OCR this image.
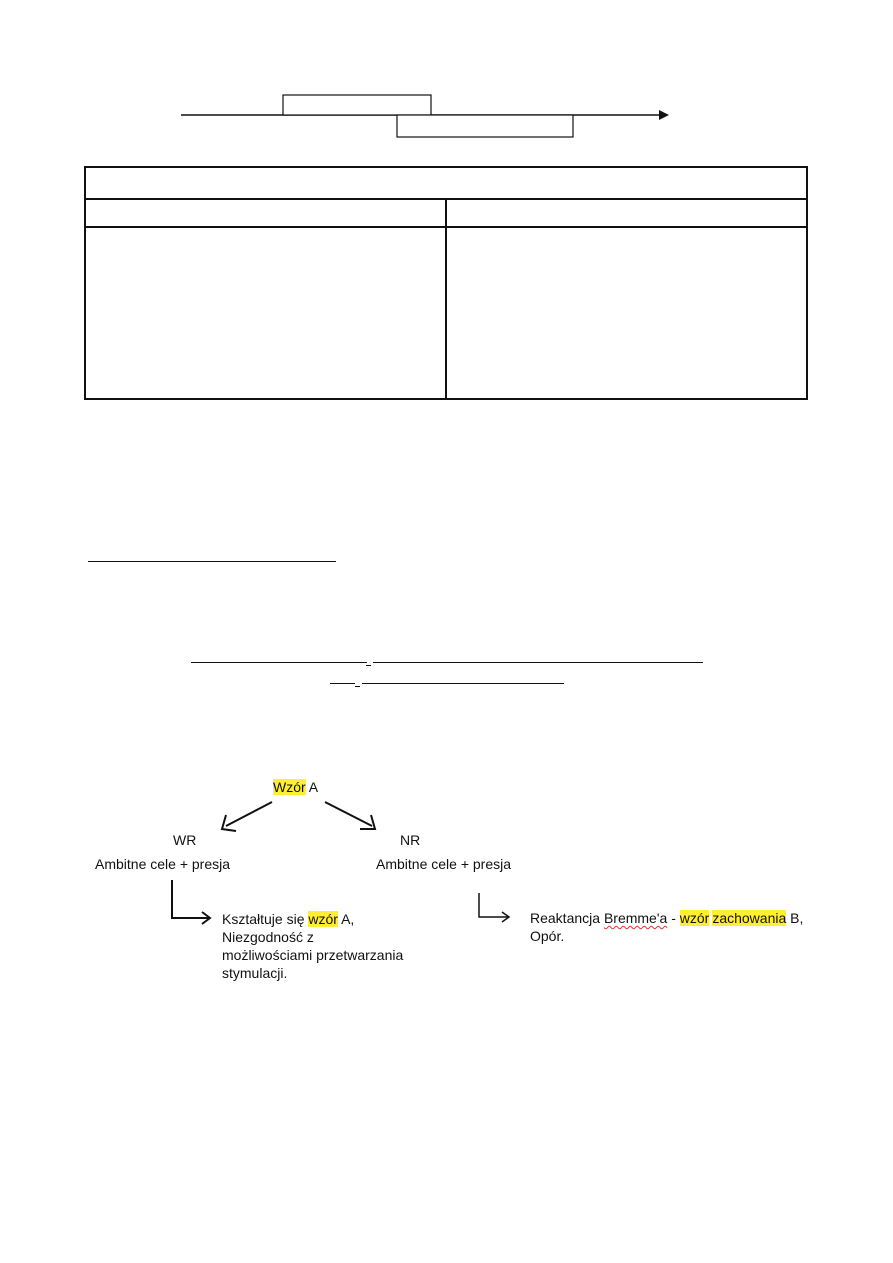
Wzór A
WR
Ambitne cele + presja
Kształtuje się wzór A,
Niezgodność z
możliwościami przetwarzania
stymulacji.
NR
Ambitne cele + presja
Reaktancja Bremme'a - wzór zachowania B,
Opór.
